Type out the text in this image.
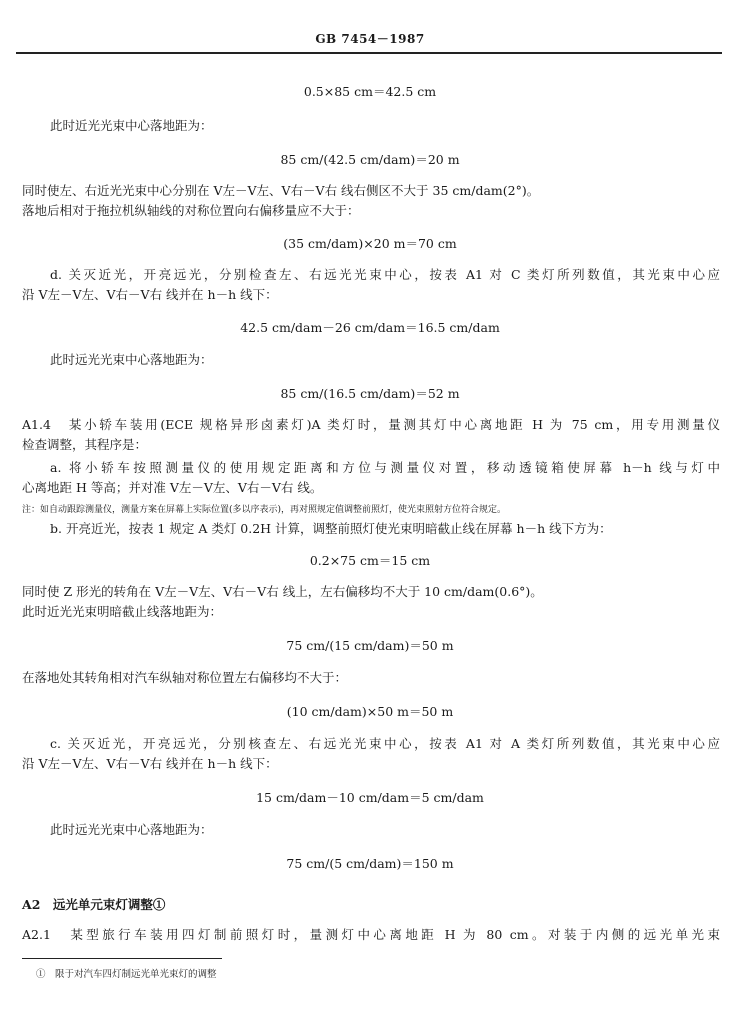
GB 7454－1987
0.5×85 cm＝42.5 cm
此时近光光束中心落地距为：
85 cm/(42.5 cm/dam)＝20 m
同时使左、右近光光束中心分别在 V左－V左、V右－V右 线右侧区不大于 35 cm/dam(2°)。
落地后相对于拖拉机纵轴线的对称位置向右偏移量应不大于：
(35 cm/dam)×20 m＝70 cm
d. 关灭近光，开亮远光，分别检查左、右远光光束中心，按表 A1 对 C 类灯所列数值，其光束中心应
沿 V左－V左、V右－V右 线并在 h－h 线下：
42.5 cm/dam－26 cm/dam＝16.5 cm/dam
此时远光光束中心落地距为：
85 cm/(16.5 cm/dam)＝52 m
A1.4　某小轿车装用(ECE 规格异形卤素灯)A 类灯时，量测其灯中心离地距 H 为 75 cm，用专用测量仪
检查调整，其程序是：
a. 将小轿车按照测量仪的使用规定距离和方位与测量仪对置，移动透镜箱使屏幕 h－h 线与灯中
心离地距 H 等高；并对准 V左－V左、V右－V右 线。
注：如自动跟踪测量仪，测量方案在屏幕上实际位置(多以序表示)，再对照规定值调整前照灯，使光束照射方位符合规定。
b. 开亮近光，按表 1 规定 A 类灯 0.2H 计算，调整前照灯使光束明暗截止线在屏幕 h－h 线下方为：
0.2×75 cm＝15 cm
同时使 Z 形光的转角在 V左－V左、V右－V右 线上，左右偏移均不大于 10 cm/dam(0.6°)。
此时近光光束明暗截止线落地距为：
75 cm/(15 cm/dam)＝50 m
在落地处其转角相对汽车纵轴对称位置左右偏移均不大于：
(10 cm/dam)×50 m＝50 m
c. 关灭近光，开亮远光，分别核查左、右远光光束中心，按表 A1 对 A 类灯所列数值，其光束中心应
沿 V左－V左、V右－V右 线并在 h－h 线下：
15 cm/dam－10 cm/dam＝5 cm/dam
此时远光光束中心落地距为：
75 cm/(5 cm/dam)＝150 m
A2　远光单元束灯调整①
A2.1　某型旅行车装用四灯制前照灯时，量测灯中心离地距 H 为 80 cm。对装于内侧的远光单光束
①　限于对汽车四灯制远光单光束灯的调整
